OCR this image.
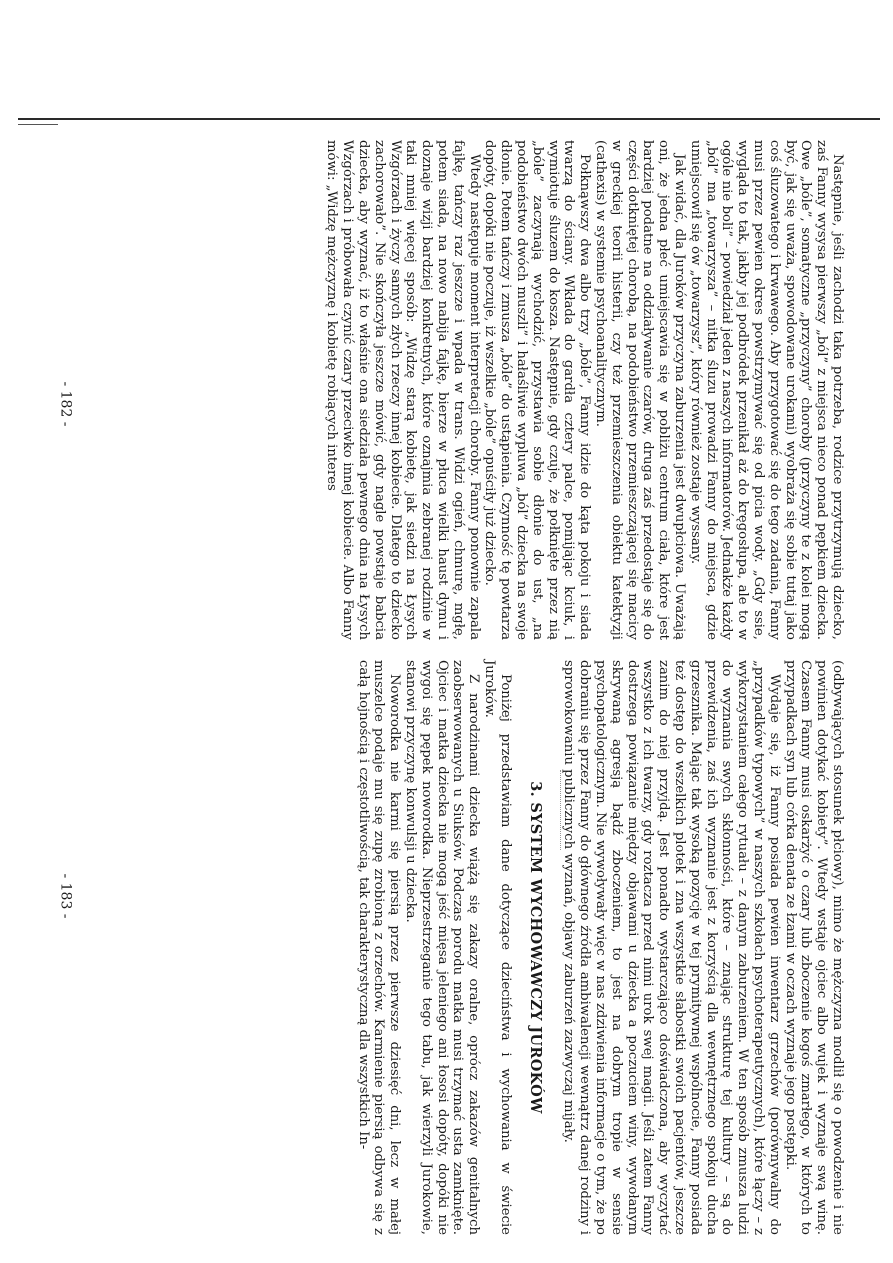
Następnie, jeśli zachodzi taka potrzeba, rodzice przytrzymują dziecko, zaś Fanny wysysa pierwszy „ból” z miejsca nieco ponad pępkiem dziecka. Owe „bóle”, somatyczne „przyczyny” choroby (przyczyny te z kolei mogą być, jak się uważa, spowodowane urokami) wyobraża się sobie tutaj jako coś śluzowatego i krwawego. Aby przygotować się do tego zadania, Fanny musi przez pewien okres powstrzymywać się od picia wody. „Gdy ssie, wygląda to tak, jakby jej podbródek przenikał aż do kręgosłupa, ale to w ogóle nie boli” – powiedział jeden z naszych informatorów. Jednakże każdy „ból” ma „towarzysza” – nitka śluzu prowadzi Fanny do miejsca, gdzie umiejscowił się ów „towarzysz”, który również zostaje wyssany.

Jak widać, dla Juroków przyczyna zaburzenia jest dwupłciowa. Uważają oni, że jedna płeć umiejscawia się w pobliżu centrum ciała, które jest bardziej podatne na oddziaływanie czarów, druga zaś przedostaje się do części dotkniętej chorobą, na podobieństwo przemieszczającej się macicy w greckiej teorii histerii, czy też przemieszczenia obiektu katektyzji (cathexis) w systemie psychoanalitycznym.

Połknąwszy dwa albo trzy „bóle”, Fanny idzie do kąta pokoju i siada twarzą do ściany. Wkłada do gardła cztery palce, pomijając kciuk, i wymiotuje śluzem do kosza. Następnie, gdy czuje, że połknięte przez nią „bóle” zaczynają wychodzić, przystawia sobie dłonie do ust, „na podobieństwo dwóch muszli” i hałaśliwie wypluwa „ból” dziecka na swoje dłonie. Potem tańczy i zmusza „bóle” do ustąpienia. Czynność tę powtarza dopóty, dopóki nie poczuje, iż wszelkie „bóle” opuściły już dziecko.

Wtedy następuje moment interpretacji choroby. Fanny ponownie zapala fajkę, tańczy raz jeszcze i wpada w trans. Widzi ogień, chmurę, mgłę, potem siada, na nowo nabija fajkę, bierze w płuca wielki haust dymu i doznaje wizji bardziej konkretnych, które oznajmia zebranej rodzinie w taki mniej więcej sposób: „Widzę starą kobietę, jak siedzi na Łysych Wzgórzach i życzy samych złych rzeczy innej kobiecie. Dlatego to dziecko zachorowało”. Nie skończyła jeszcze mówić, gdy nagle powstaje babcia dziecka, aby wyznać, iż to właśnie ona siedziała pewnego dnia na Łysych Wzgórzach i próbowała czynić czary przeciwko innej kobiecie. Albo Fanny mówi: „Widzę mężczyznę i kobietę robiących interes

(odbywających stosunek płciowy), mimo że mężczyzna modlił się o powodzenie i nie powinien dotykać kobiety”. Wtedy wstaje ojciec albo wujek i wyznaje swą winę. Czasem Fanny musi oskarżyć o czary lub zboczenie kogoś zmarłego, w których to przypadkach syn lub córka denata ze łzami w oczach wyznaje jego postępki.

Wydaje się, iż Fanny posiada pewien inwentarz grzechów (porównywalny do „przypadków typowych” w naszych szkołach psychoterapeutycznych), które łączy – z wykorzystaniem całego rytuału – z danym zaburzeniem. W ten sposób zmusza ludzi do wyznania swych skłonności, które – znając strukturę tej kultury – są do przewidzenia, zaś ich wyznanie jest z korzyścią dla wewnętrznego spokoju ducha grzesznika. Mając tak wysoką pozycję w tej prymitywnej wspólnocie, Fanny posiada też dostęp do wszelkich plotek i zna wszystkie słabostki swoich pacjentów, jeszcze zanim do niej przyjdą. Jest ponadto wystarczająco doświadczona, aby wyczytać wszystko z ich twarzy, gdy roztacza przed nimi urok swej magii. Jeśli zatem Fanny dostrzega powiązanie między objawami u dziecka a poczuciem winy, wywołanym skrywaną agresją bądź zboczeniem, to jest na dobrym tropie w sensie psychopatologicznym. Nie wywoływały więc w nas zdziwienia informacje o tym, że po dobraniu się przez Fanny do głównego źródła ambiwalencji wewnątrz danej rodziny i sprowokowaniu publicznych wyznań, objawy zaburzeń zazwyczaj mijały.

3. SYSTEM WYCHOWAWCZY JUROKÓW

Poniżej przedstawiam dane dotyczące dzieciństwa i wychowania w świecie Juroków.

Z narodzinami dziecka wiążą się zakazy oralne, oprócz zakazów genitalnych zaobserwowanych u Siuksów. Podczas porodu matka musi trzymać usta zamknięte. Ojciec i matka dziecka nie mogą jeść mięsa jeleniego ani łososi dopóty, dopóki nie wygoi się pępek noworodka. Nieprzestrzeganie tego tabu, jak wierzyli Jurokowie, stanowi przyczynę konwulsji u dziecka.

Noworodka nie karmi się piersią przez pierwsze dziesięć dni, lecz w małej muszelce podaje mu się zupę zrobioną z orzechów. Karmienie piersią odbywa się z całą hojnością i częstotliwością, tak charakterystyczną dla wszystkich In-

- 182 -
- 183 -
